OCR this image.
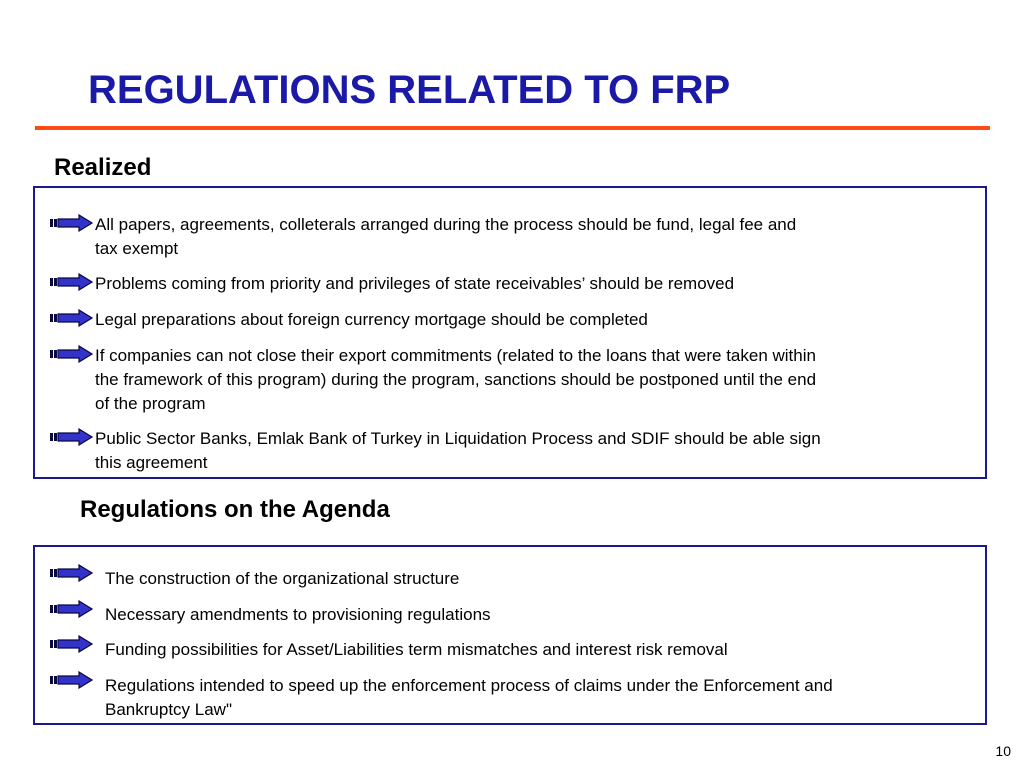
REGULATIONS RELATED TO FRP
Realized
All papers, agreements, colleterals arranged during the process should be fund, legal fee and
tax exempt
Problems coming from priority and privileges of state receivables’ should be removed
Legal preparations about foreign currency mortgage should be completed
If companies can not close their export commitments (related to the loans that were taken within
the framework of this program) during the program, sanctions should be postponed until the end
of the program
Public Sector Banks, Emlak Bank of Turkey in Liquidation Process and SDIF should be able sign
this agreement
Regulations on the Agenda
The construction of the organizational structure
Necessary amendments to provisioning regulations
Funding possibilities for Asset/Liabilities term mismatches and interest risk removal
Regulations intended to speed up the enforcement process of claims under the Enforcement and
Bankruptcy Law"
10
